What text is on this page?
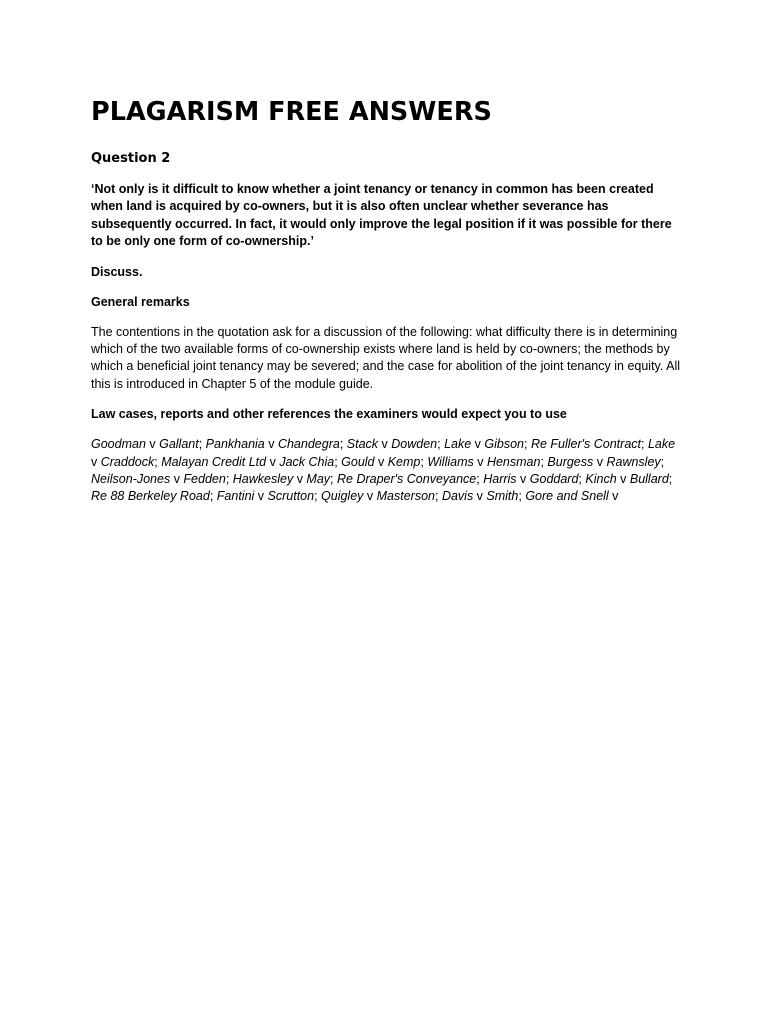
PLAGARISM FREE ANSWERS
Question 2
‘Not only is it difficult to know whether a joint tenancy or tenancy in common has been created when land is acquired by co-owners, but it is also often unclear whether severance has subsequently occurred. In fact, it would only improve the legal position if it was possible for there to be only one form of co-ownership.’
Discuss.
General remarks
The contentions in the quotation ask for a discussion of the following: what difficulty there is in determining which of the two available forms of co-ownership exists where land is held by co-owners; the methods by which a beneficial joint tenancy may be severed; and the case for abolition of the joint tenancy in equity. All this is introduced in Chapter 5 of the module guide.
Law cases, reports and other references the examiners would expect you to use
Goodman v Gallant; Pankhania v Chandegra; Stack v Dowden; Lake v Gibson; Re Fuller's Contract; Lake v Craddock; Malayan Credit Ltd v Jack Chia; Gould v Kemp; Williams v Hensman; Burgess v Rawnsley; Neilson-Jones v Fedden; Hawkesley v May; Re Draper's Conveyance; Harris v Goddard; Kinch v Bullard; Re 88 Berkeley Road; Fantini v Scrutton; Quigley v Masterson; Davis v Smith; Gore and Snell v
